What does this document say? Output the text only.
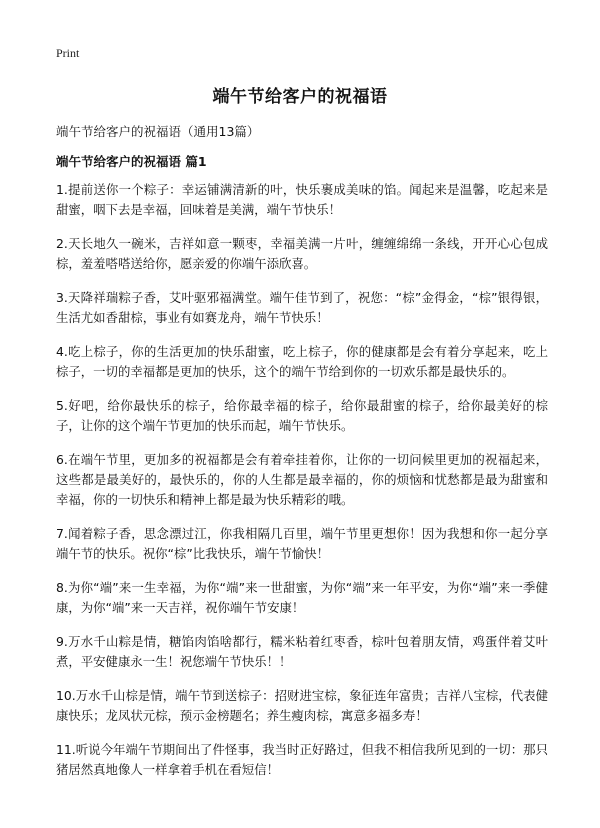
Print
端午节给客户的祝福语
端午节给客户的祝福语（通用13篇）
端午节给客户的祝福语 篇1

1.提前送你一个粽子：幸运铺满清新的叶，快乐裹成美味的馅。闻起来是温馨，吃起来是甜蜜，咽下去是幸福，回味着是美满，端午节快乐！

2.天长地久一碗米，吉祥如意一颗枣，幸福美满一片叶，缠缠绵绵一条线，开开心心包成棕，羞羞嗒嗒送给你，愿亲爱的你端午添欣喜。

3.天降祥瑞粽子香，艾叶驱邪福满堂。端午佳节到了，祝您：“棕”金得金，“棕”银得银，生活尤如香甜棕，事业有如赛龙舟，端午节快乐！

4.吃上棕子，你的生活更加的快乐甜蜜，吃上棕子，你的健康都是会有着分享起来，吃上棕子，一切的幸福都是更加的快乐，这个的端午节给到你的一切欢乐都是最快乐的。

5.好吧，给你最快乐的棕子，给你最幸福的棕子，给你最甜蜜的棕子，给你最美好的棕子，让你的这个端午节更加的快乐而起，端午节快乐。

6.在端午节里，更加多的祝福都是会有着牵挂着你，让你的一切问候里更加的祝福起来，这些都是最美好的，最快乐的，你的人生都是最幸福的，你的烦恼和忧愁都是最为甜蜜和幸福，你的一切快乐和精神上都是最为快乐精彩的哦。

7.闻着粽子香，思念漂过江，你我相隔几百里，端午节里更想你！因为我想和你一起分享端午节的快乐。祝你“棕”比我快乐，端午节愉快！

8.为你“端”来一生幸福，为你“端”来一世甜蜜，为你“端”来一年平安，为你“端”来一季健康，为你“端”来一天吉祥，祝你端午节安康！

9.万水千山粽是情，糖馅肉馅啥都行，糯米粘着红枣香，棕叶包着朋友情，鸡蛋伴着艾叶煮，平安健康永一生！祝您端午节快乐！！

10.万水千山棕是情，端午节到送棕子：招财进宝棕，象征连年富贵；吉祥八宝棕，代表健康快乐；龙凤状元棕，预示金榜题名；养生瘦肉棕，寓意多福多寿！

11.听说今年端午节期间出了件怪事，我当时正好路过，但我不相信我所见到的一切：那只猪居然真地像人一样拿着手机在看短信！
